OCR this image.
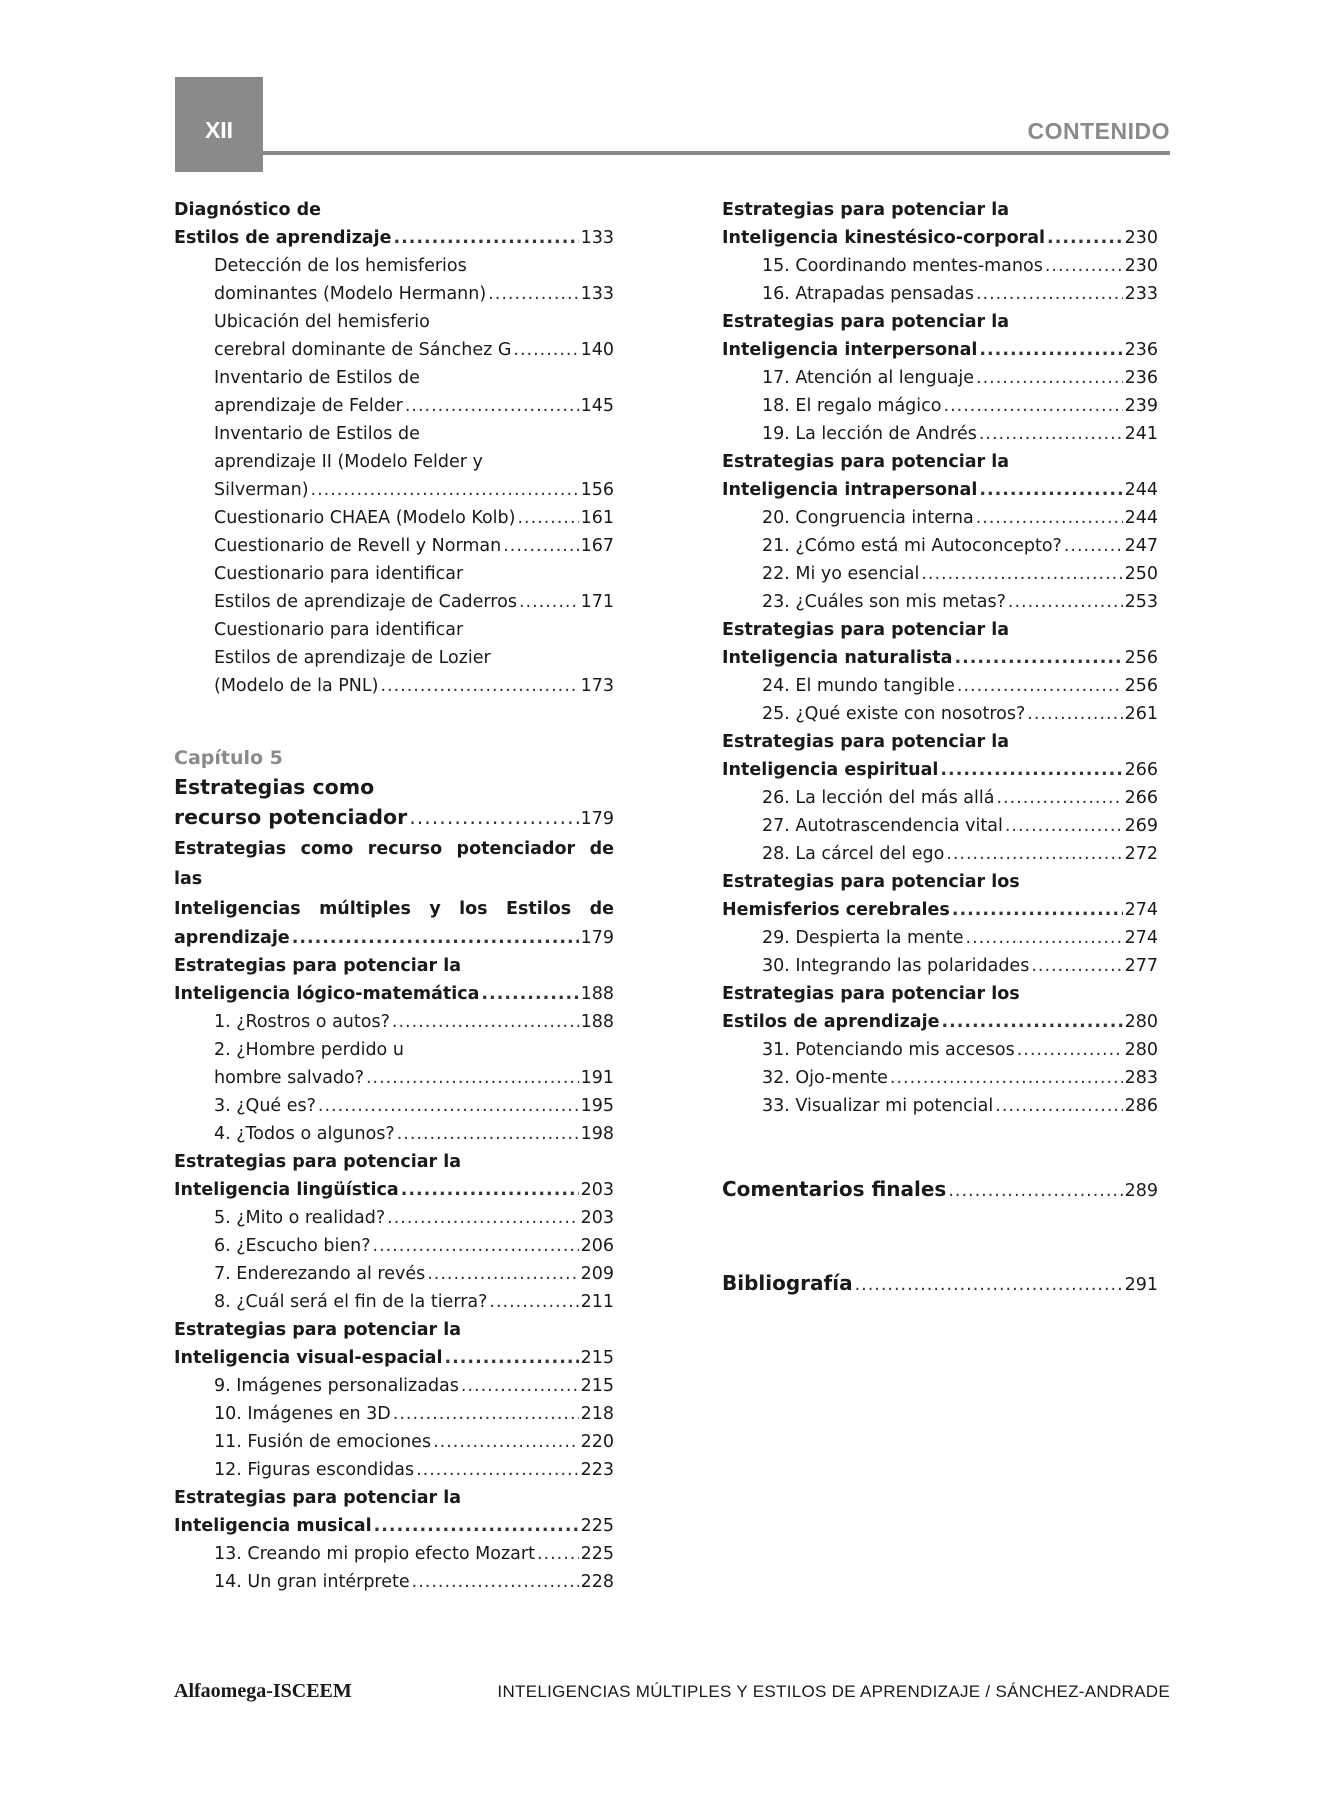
XII	CONTENIDO
Diagnóstico de
Estilos de aprendizaje .....	133
Detección de los hemisferios
dominantes (Modelo Hermann) .....	133
Ubicación del hemisferio
cerebral dominante de Sánchez G .....	140
Inventario de Estilos de
aprendizaje de Felder .....	145
Inventario de Estilos de
aprendizaje II (Modelo Felder y
Silverman) .....	156
Cuestionario CHAEA (Modelo Kolb) .....	161
Cuestionario de Revell y Norman .....	167
Cuestionario para identificar
Estilos de aprendizaje de Caderros .....	171
Cuestionario para identificar
Estilos de aprendizaje de Lozier
(Modelo de la PNL) .....	173
Capítulo 5
Estrategias como
recurso potenciador .....	179
Estrategias como recurso potenciador de las
Inteligencias múltiples y los Estilos de
aprendizaje .....	179
Estrategias para potenciar la
Inteligencia lógico-matemática .....	188
1. ¿Rostros o autos? .....	188
2. ¿Hombre perdido u
hombre salvado? .....	191
3. ¿Qué es? .....	195
4. ¿Todos o algunos? .....	198
Estrategias para potenciar la
Inteligencia lingüística .....	203
5. ¿Mito o realidad? .....	203
6. ¿Escucho bien? .....	206
7. Enderezando al revés .....	209
8. ¿Cuál será el fin de la tierra? .....	211
Estrategias para potenciar la
Inteligencia visual-espacial .....	215
9. Imágenes personalizadas .....	215
10. Imágenes en 3D .....	218
11. Fusión de emociones .....	220
12. Figuras escondidas .....	223
Estrategias para potenciar la
Inteligencia musical .....	225
13. Creando mi propio efecto Mozart .....	225
14. Un gran intérprete .....	228
Estrategias para potenciar la
Inteligencia kinestésico-corporal .....	230
15. Coordinando mentes-manos .....	230
16. Atrapadas pensadas .....	233
Estrategias para potenciar la
Inteligencia interpersonal .....	236
17. Atención al lenguaje .....	236
18. El regalo mágico .....	239
19. La lección de Andrés .....	241
Estrategias para potenciar la
Inteligencia intrapersonal .....	244
20. Congruencia interna .....	244
21. ¿Cómo está mi Autoconcepto? .....	247
22. Mi yo esencial .....	250
23. ¿Cuáles son mis metas? .....	253
Estrategias para potenciar la
Inteligencia naturalista .....	256
24. El mundo tangible .....	256
25. ¿Qué existe con nosotros? .....	261
Estrategias para potenciar la
Inteligencia espiritual .....	266
26. La lección del más allá .....	266
27. Autotrascendencia vital .....	269
28. La cárcel del ego .....	272
Estrategias para potenciar los
Hemisferios cerebrales .....	274
29. Despierta la mente .....	274
30. Integrando las polaridades .....	277
Estrategias para potenciar los
Estilos de aprendizaje .....	280
31. Potenciando mis accesos .....	280
32. Ojo-mente .....	283
33. Visualizar mi potencial .....	286
Comentarios finales .....	289
Bibliografía .....	291
Alfaomega-ISCEEM	INTELIGENCIAS MÚLTIPLES Y ESTILOS DE APRENDIZAJE / SÁNCHEZ-ANDRADE
